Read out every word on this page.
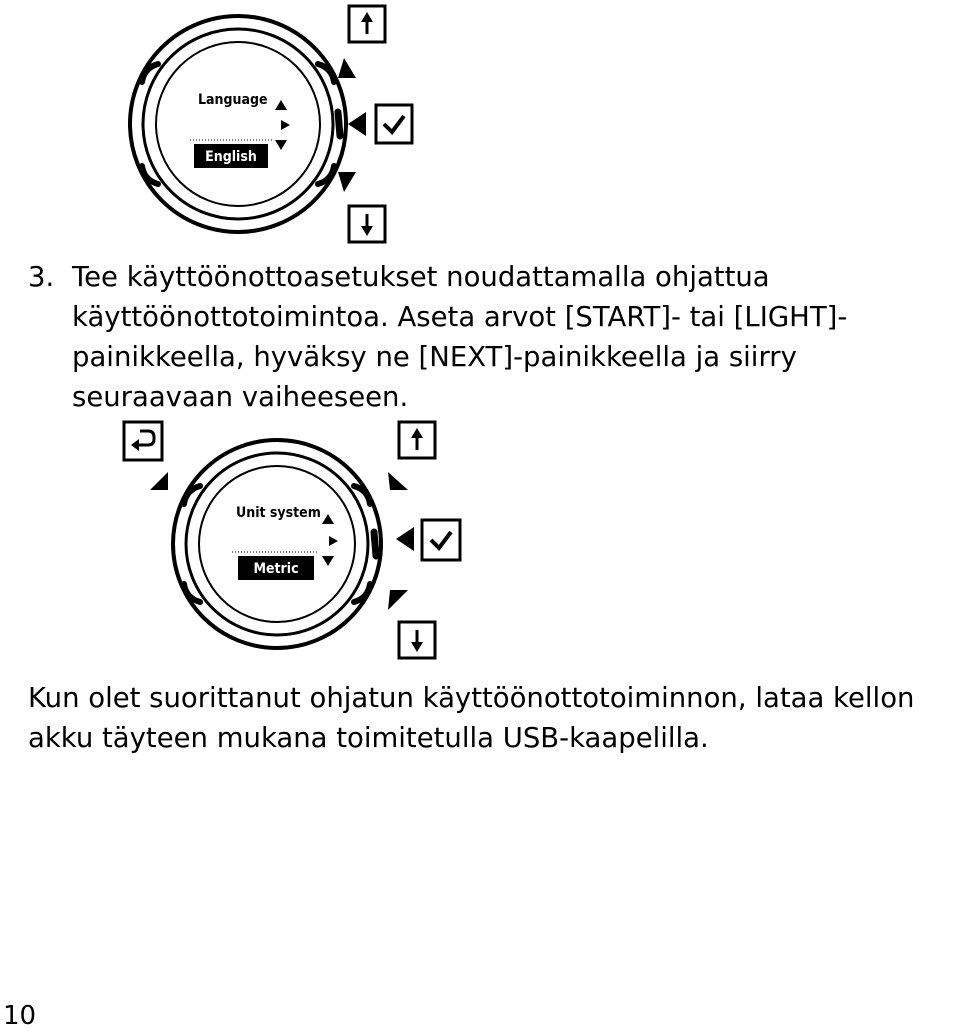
Language
English
3. Tee käyttöönottoasetukset noudattamalla ohjattua käyttöönottotoimintoa. Aseta arvot [START]- tai [LIGHT]-painikkeella, hyväksy ne [NEXT]-painikkeella ja siirry seuraavaan vaiheeseen.
Unit system
Metric
Kun olet suorittanut ohjatun käyttöönottotoiminnon, lataa kellon akku täyteen mukana toimitetulla USB-kaapelilla.
10
